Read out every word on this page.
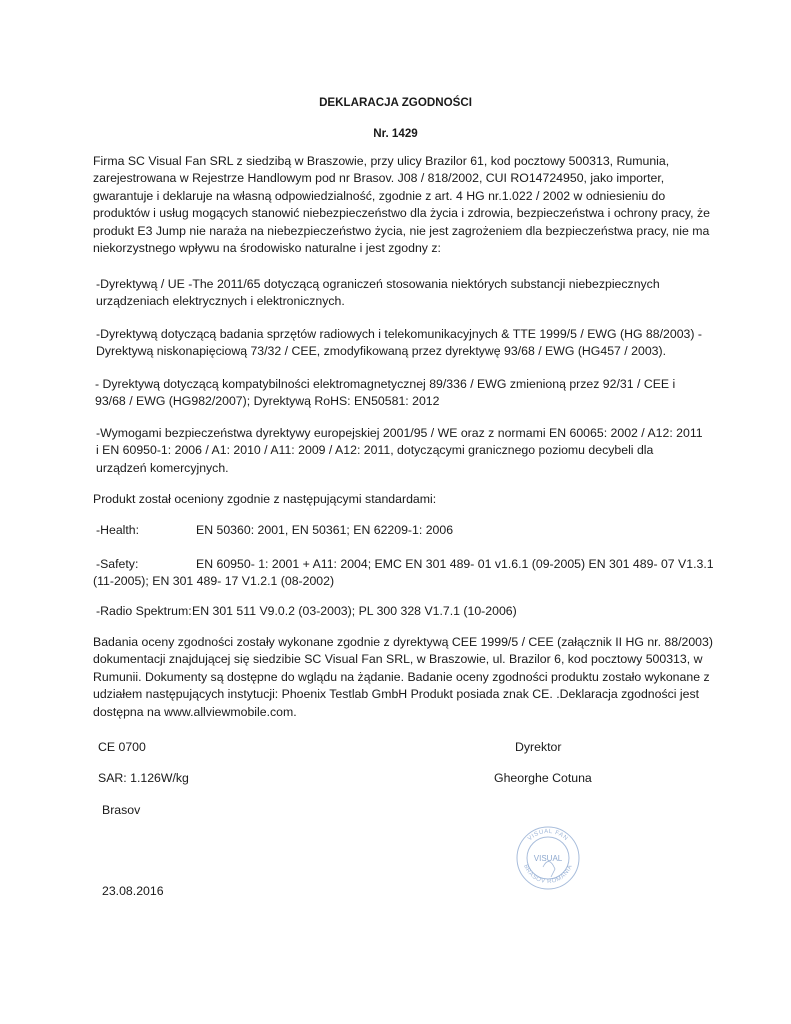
DEKLARACJA ZGODNOŚCI
Nr. 1429

Firma SC Visual Fan SRL z siedzibą w Braszowie, przy ulicy Brazilor 61, kod pocztowy 500313, Rumunia, zarejestrowana w Rejestrze Handlowym pod nr Brasov. J08 / 818/2002, CUI RO14724950, jako importer, gwarantuje i deklaruje na własną odpowiedzialność, zgodnie z art. 4 HG nr.1.022 / 2002 w odniesieniu do produktów i usług mogących stanowić niebezpieczeństwo dla życia i zdrowia, bezpieczeństwa i ochrony pracy, że produkt E3 Jump nie naraża na niebezpieczeństwo życia, nie jest zagrożeniem dla bezpieczeństwa pracy, nie ma niekorzystnego wpływu na środowisko naturalne i jest zgodny z:

-Dyrektywą / UE -The 2011/65 dotyczącą ograniczeń stosowania niektórych substancji niebezpiecznych urządzeniach elektrycznych i elektronicznych.

-Dyrektywą dotyczącą badania sprzętów radiowych i telekomunikacyjnych & TTE 1999/5 / EWG (HG 88/2003) - Dyrektywą niskonapięciową 73/32 / CEE, zmodyfikowaną przez dyrektywę 93/68 / EWG (HG457 / 2003).

- Dyrektywą dotyczącą kompatybilności elektromagnetycznej 89/336 / EWG zmienioną przez 92/31 / CEE i 93/68 / EWG (HG982/2007); Dyrektywą RoHS: EN50581: 2012

-Wymogami bezpieczeństwa dyrektywy europejskiej 2001/95 / WE oraz z normami EN 60065: 2002 / A12: 2011 i EN 60950-1: 2006 / A1: 2010 / A11: 2009 / A12: 2011, dotyczącymi granicznego poziomu decybeli dla urządzeń komercyjnych.

Produkt został oceniony zgodnie z następującymi standardami:
-Health:	EN 50360: 2001, EN 50361; EN 62209-1: 2006
-Safety:	EN 60950- 1: 2001 + A11: 2004; EMC EN 301 489- 01 v1.6.1 (09-2005) EN 301 489- 07 V1.3.1
(11-2005); EN 301 489- 17 V1.2.1 (08-2002)
-Radio Spektrum: EN 301 511 V9.0.2 (03-2003); PL 300 328 V1.7.1 (10-2006)

Badania oceny zgodności zostały wykonane zgodnie z dyrektywą CEE 1999/5 / CEE (załącznik II HG nr. 88/2003) dokumentacji znajdującej się siedzibie SC Visual Fan SRL, w Braszowie, ul. Brazilor 6, kod pocztowy 500313, w Rumunii. Dokumenty są dostępne do wglądu na żądanie. Badanie oceny zgodności produktu zostało wykonane z udziałem następujących instytucji: Phoenix Testlab GmbH Produkt posiada znak CE. .Deklaracja zgodności jest dostępna na www.allviewmobile.com.

CE 0700
SAR: 1.126W/kg
Brasov
23.08.2016
Dyrektor
Gheorghe Cotuna
VISUAL FAN
BRASOV ROMANIA
VISUAL
